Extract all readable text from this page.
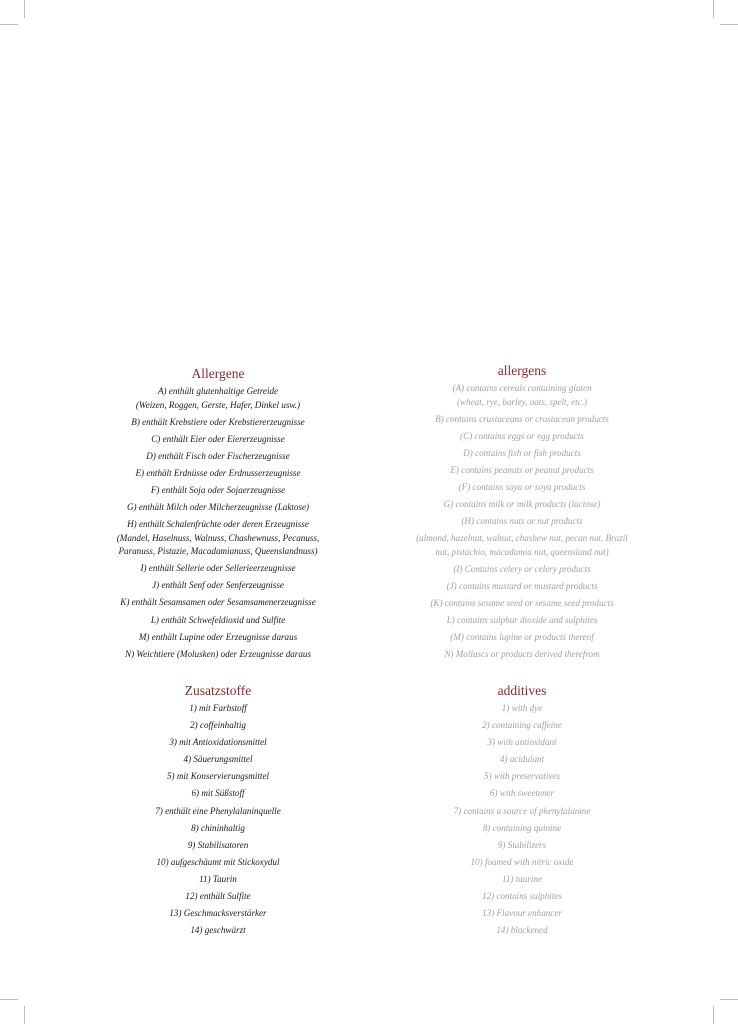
Allergene
A) enthält glutenhaltige Getreide
(Weizen, Roggen, Gerste, Hafer, Dinkel usw.)
B) enthält Krebstiere oder Krebstiererzeugnisse
C) enthält Eier oder Eiererzeugnisse
D) enthält Fisch oder Fischerzeugnisse
E) enthält Erdnüsse oder Erdnusserzeugnisse
F) enthält Soja oder Sojaerzeugnisse
G) enthält Milch oder Milcherzeugnisse (Laktose)
H) enthält Schalenfrüchte oder deren Erzeugnisse
(Mandel, Haselnuss, Walnuss, Chashewnuss, Pecanuss,
Paranuss, Pistazie, Macadamianuss, Queenslandnuss)
I) enthält Sellerie oder Sellerieerzeugnisse
J) enthält Senf oder Senferzeugnisse
K) enthält Sesamsamen oder Sesamsamenerzeugnisse
L) enthält Schwefeldioxid und Sulfite
M) enthält Lupine oder Erzeugnisse daraus
N) Weichtiere (Molusken) oder Erzeugnisse daraus
allergens
(A) contains cereals containing gluten
(wheat, rye, barley, oats, spelt, etc.)
B) contains crustaceans or crustacean products
(C) contains eggs or egg products
D) contains fish or fish products
E) contains peanuts or peanut products
(F) contains soya or soya products
G) contains milk or milk products (lactose)
(H) contains nuts or nut products
(almond, hazelnut, walnut, chashew nut, pecan nut, Brazil
nut, pistachio, macadamia nut, queensland nut)
(I) Contains celery or celery products
(J) contains mustard or mustard products
(K) contains sesame seed or sesame seed products
L) contains sulphur dioxide and sulphites
(M) contains lupine or products thereof
N) Molluscs or products derived therefrom
Zusatzstoffe
1) mit Farbstoff
2) coffeinhaltig
3) mit Antioxidationsmittel
4) Säuerungsmittel
5) mit Konservierungsmittel
6) mit Süßstoff
7) enthält eine Phenylalaninquelle
8) chininhaltig
9) Stabilisatoren
10) aufgeschäumt mit Stickoxydul
11) Taurin
12) enthält Sulfite
13) Geschmacksverstärker
14) geschwärzt
additives
1) with dye
2) containing caffeine
3) with antioxidant
4) acidulant
5) with preservatives
6) with sweetener
7) contains a source of phenylalanine
8) containing quinine
9) Stabilizers
10) foamed with nitric oxide
11) taurine
12) contains sulphites
13) Flavour enhancer
14) blackened
